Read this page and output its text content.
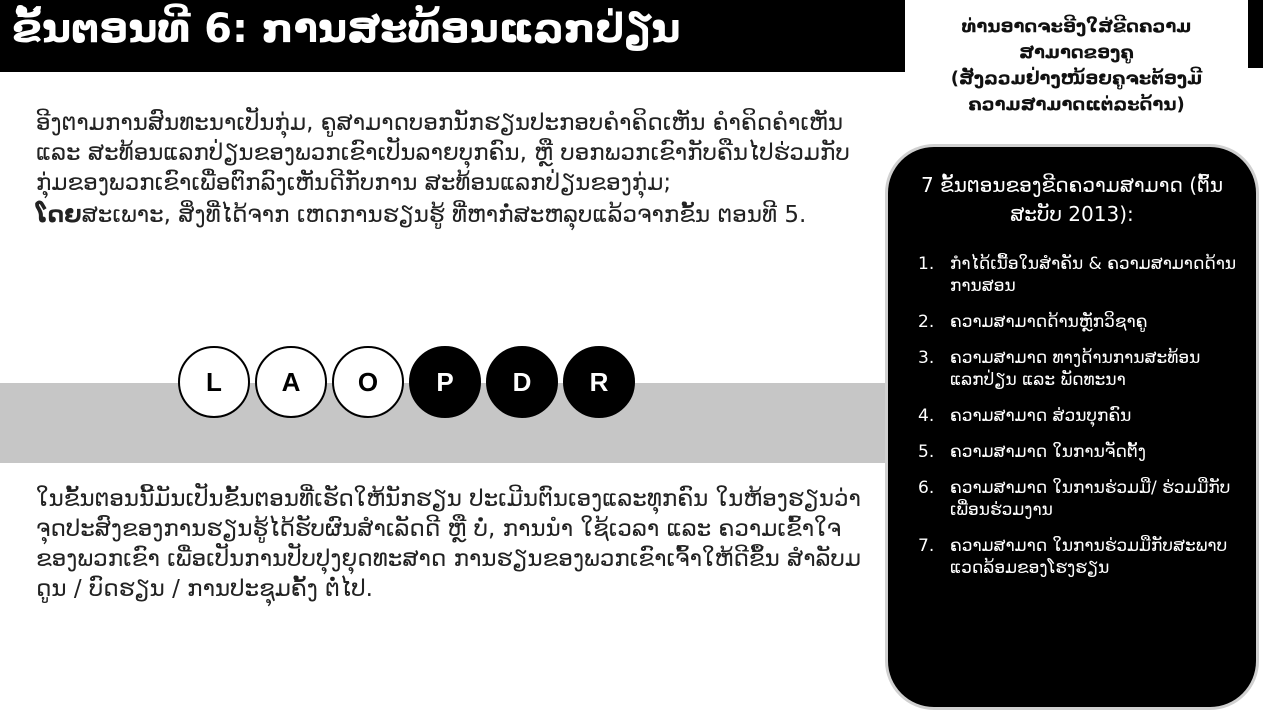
ຂັ້ນຕອນທີ 6: ການສະທ້ອນແລກປ່ຽນ	ທ່ານອາດຈະອີງໃສ່ຂີດຄວາມ
ສາມາດຂອງຄູ
(ສັງລວມຢ່າງໜ້ອຍຄູຈະຕ້ອງມີ
ຄວາມສາມາດແຕ່ລະດ້ານ)

ອີງຕາມການສົນທະນາເປັນກຸ່ມ, ຄູສາມາດບອກນັກຮຽນປະກອບຄໍາຄິດເຫັນ ຄໍາຄິດຄໍາເຫັນ ແລະ ສະທ້ອນແລກປ່ຽນຂອງພວກເຂົາເປັນລາຍບຸກຄົນ, ຫຼື ບອກພວກເຂົາກັບຄືນໄປຮ່ວມກັບກຸ່ມຂອງພວກເຂົາເພື່ອຕົກລົງເຫັນດີກັບການ ສະທ້ອນແລກປ່ຽນຂອງກຸ່ມ;

ໂດຍສະເພາະ, ສິ່ງທີ່ໄດ້ຈາກ ເຫດການຮຽນຮູ້ ທີ່ຫາກໍ່ສະຫລຸບແລ້ວຈາກຂັ້ນ ຕອນທີ 5.

L A O P D R
ໃນຂັ້ນຕອນນີ້ມັນເປັນຂັ້ນຕອນທີ່ເຮັດໃຫ້ນັກຮຽນ ປະເມີນຕົນເອງແລະທຸກຄົນ ໃນຫ້ອງຮຽນວ່າຈຸດປະສົງຂອງການຮຽນຮູ້ໄດ້ຮັບຜົນສໍາເລັດດີ ຫຼື ບໍ່, ການນໍາ ໃຊ້ເວລາ ແລະ ຄວາມເຂົ້າໃຈຂອງພວກເຂົາ ເພື່ອເປັນການປັບປຸງຍຸດທະສາດ ການຮຽນຂອງພວກເຂົາເຈົ້າໃຫ້ດີຂຶ້ນ ສໍາລັບມດູນ / ບົດຮຽນ / ການປະຊຸມຄັ້ງ ຕໍ່ໄປ.
7 ຂັ້ນຕອນຂອງຂີດຄວາມສາມາດ (ຕົ້ນສະບັບ 2013):
1. ກໍາໄດ້ເນື້ອໃນສໍາຄັນ & ຄວາມສາມາດດ້ານການສອນ
2. ຄວາມສາມາດດ້ານຫຼັກວິຊາຄູ
3. ຄວາມສາມາດ ທາງດ້ານການສະທ້ອນແລກປ່ຽນ ແລະ ພັດທະນາ
4. ຄວາມສາມາດ ສ່ວນບຸກຄົນ
5. ຄວາມສາມາດ ໃນການຈັດຕັ້ງ
6. ຄວາມສາມາດ ໃນການຮ່ວມມື/ ຮ່ວມມືກັບເພື່ອນຮ່ວມງານ
7. ຄວາມສາມາດ ໃນການຮ່ວມມືກັບສະພາບແວດລ້ອມຂອງໂຮງຮຽນ
